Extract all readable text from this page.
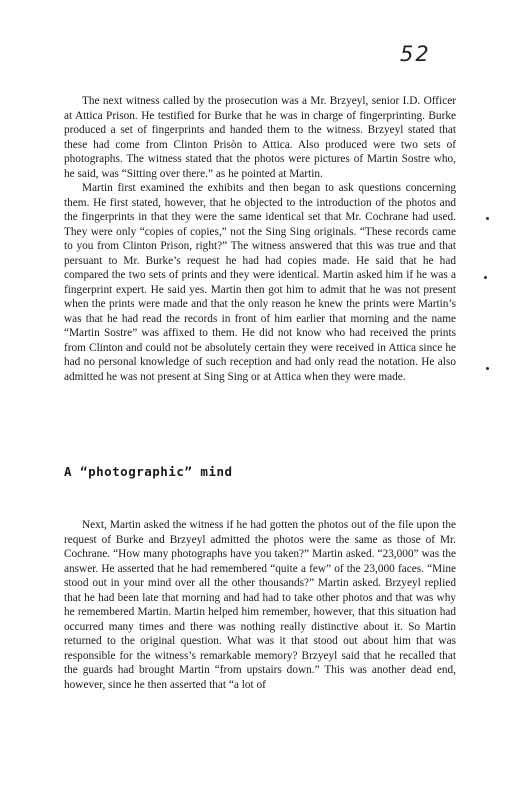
52

The next witness called by the prosecution was a Mr. Brzyeyl, senior I.D. Officer at Attica Prison. He testified for Burke that he was in charge of fingerprinting. Burke produced a set of fingerprints and handed them to the witness. Brzyeyl stated that these had come from Clinton Prisòn to Attica. Also produced were two sets of photographs. The witness stated that the photos were pictures of Martin Sostre who, he said, was “Sitting over there.” as he pointed at Martin.

Martin first examined the exhibits and then began to ask questions concerning them. He first stated, however, that he objected to the introduction of the photos and the fingerprints in that they were the same identical set that Mr. Cochrane had used. They were only “copies of copies,” not the Sing Sing originals. “These records came to you from Clinton Prison, right?” The witness answered that this was true and that persuant to Mr. Burke’s request he had had copies made. He said that he had compared the two sets of prints and they were identical. Martin asked him if he was a fingerprint expert. He said yes. Martin then got him to admit that he was not present when the prints were made and that the only reason he knew the prints were Martin’s was that he had read the records in front of him earlier that morning and the name “Martin Sostre” was affixed to them. He did not know who had received the prints from Clinton and could not be absolutely certain they were received in Attica since he had no personal knowledge of such reception and had only read the notation. He also admitted he was not present at Sing Sing or at Attica when they were made.

A “photographic” mind

Next, Martin asked the witness if he had gotten the photos out of the file upon the request of Burke and Brzyeyl admitted the photos were the same as those of Mr. Cochrane. “How many photographs have you taken?” Martin asked. “23,000” was the answer. He asserted that he had remembered “quite a few” of the 23,000 faces. “Mine stood out in your mind over all the other thousands?” Martin asked. Brzyeyl replied that he had been late that morning and had had to take other photos and that was why he remembered Martin. Martin helped him remember, however, that this situation had occurred many times and there was nothing really distinctive about it. So Martin returned to the original question. What was it that stood out about him that was responsible for the witness’s remarkable memory? Brzyeyl said that he recalled that the guards had brought Martin “from upstairs down.” This was another dead end, however, since he then asserted that “a lot of
